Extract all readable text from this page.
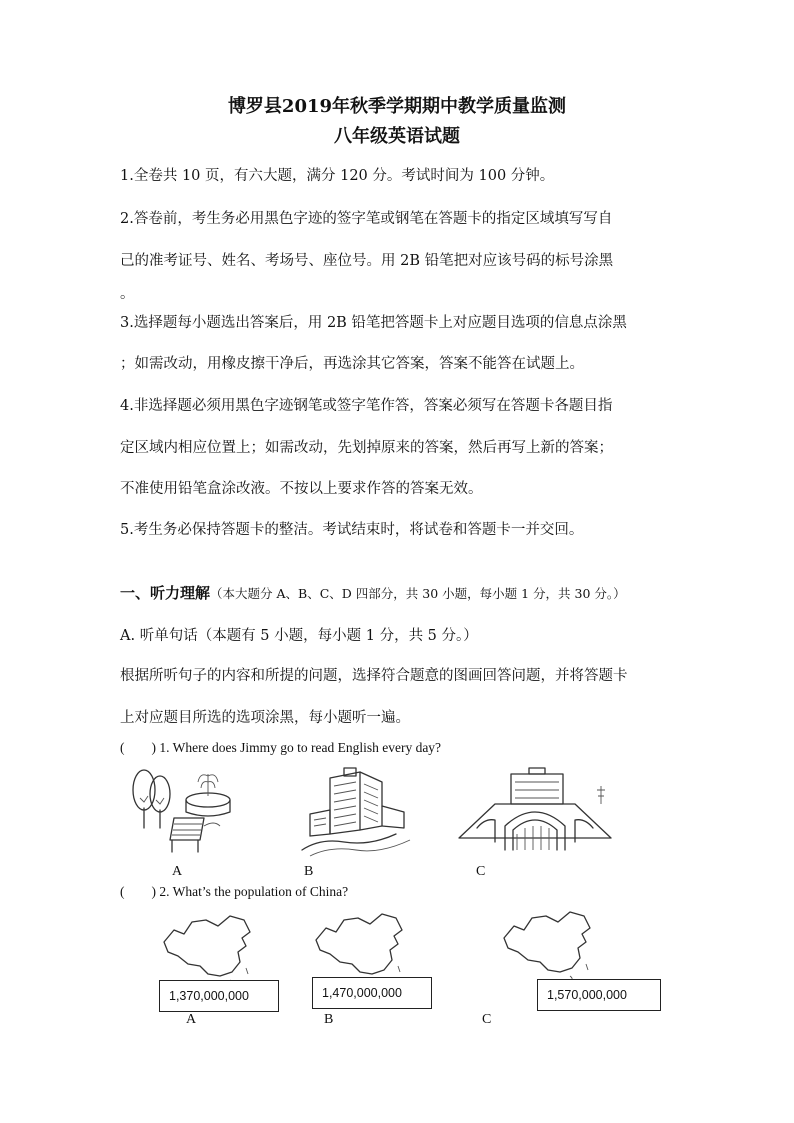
博罗县2019年秋季学期期中教学质量监测
八年级英语试题
1.全卷共 10 页，有六大题，满分 120 分。考试时间为 100 分钟。
2.答卷前，考生务必用黑色字迹的签字笔或钢笔在答题卡的指定区域填写写自
己的准考证号、姓名、考场号、座位号。用 2B 铅笔把对应该号码的标号涂黑
。
3.选择题每小题选出答案后，用 2B 铅笔把答题卡上对应题目选项的信息点涂黑
；如需改动，用橡皮擦干净后，再选涂其它答案，答案不能答在试题上。
4.非选择题必须用黑色字迹钢笔或签字笔作答，答案必须写在答题卡各题目指
定区域内相应位置上；如需改动，先划掉原来的答案，然后再写上新的答案；
不准使用铅笔盒涂改液。不按以上要求作答的答案无效。
5.考生务必保持答题卡的整洁。考试结束时，将试卷和答题卡一并交回。
一、听力理解（本大题分 A、B、C、D 四部分，共 30 小题，每小题 1 分，共 30 分。）
A. 听单句话（本题有 5 小题，每小题 1 分，共 5 分。）
根据所听句子的内容和所提的问题，选择符合题意的图画回答问题，并将答题卡
上对应题目所选的选项涂黑，每小题听一遍。
(        ) 1. Where does Jimmy go to read English every day?
A	B	C
(        ) 2. What’s the population of China?
1,370,000,000	1,470,000,000	1,570,000,000
A	B	C
